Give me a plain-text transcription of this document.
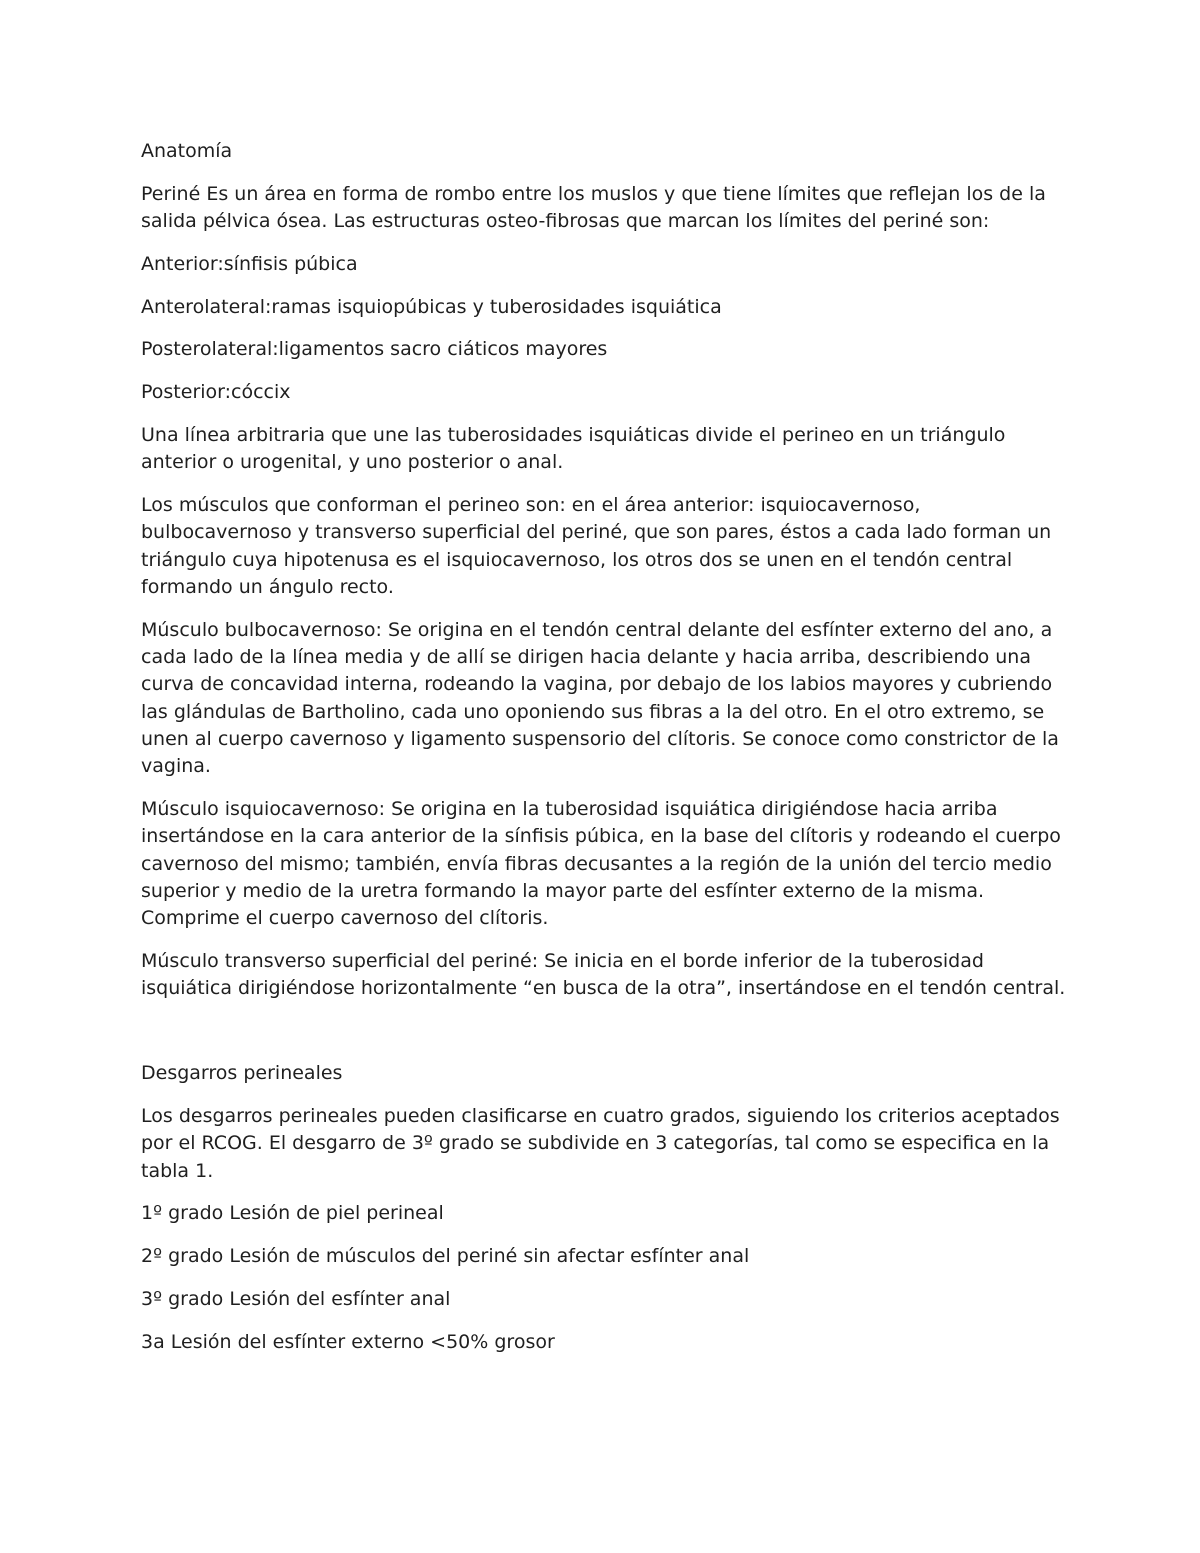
Anatomía

Periné Es un área en forma de rombo entre los muslos y que tiene límites que reflejan los de la salida pélvica ósea. Las estructuras osteo-fibrosas que marcan los límites del periné son:

Anterior:sínfisis púbica

Anterolateral:ramas isquiopúbicas y tuberosidades isquiática

Posterolateral:ligamentos sacro ciáticos mayores

Posterior:cóccix

Una línea arbitraria que une las tuberosidades isquiáticas divide el perineo en un triángulo anterior o urogenital, y uno posterior o anal.

Los músculos que conforman el perineo son: en el área anterior: isquiocavernoso, bulbocavernoso y transverso superficial del periné, que son pares, éstos a cada lado forman un triángulo cuya hipotenusa es el isquiocavernoso, los otros dos se unen en el tendón central formando un ángulo recto.

Músculo bulbocavernoso: Se origina en el tendón central delante del esfínter externo del ano, a cada lado de la línea media y de allí se dirigen hacia delante y hacia arriba, describiendo una curva de concavidad interna, rodeando la vagina, por debajo de los labios mayores y cubriendo las glándulas de Bartholino, cada uno oponiendo sus fibras a la del otro. En el otro extremo, se unen al cuerpo cavernoso y ligamento suspensorio del clítoris. Se conoce como constrictor de la vagina.

Músculo isquiocavernoso: Se origina en la tuberosidad isquiática dirigiéndose hacia arriba insertándose en la cara anterior de la sínfisis púbica, en la base del clítoris y rodeando el cuerpo cavernoso del mismo; también, envía fibras decusantes a la región de la unión del tercio medio superior y medio de la uretra formando la mayor parte del esfínter externo de la misma. Comprime el cuerpo cavernoso del clítoris.

Músculo transverso superficial del periné: Se inicia en el borde inferior de la tuberosidad isquiática dirigiéndose horizontalmente “en busca de la otra”, insertándose en el tendón central.

Desgarros perineales

Los desgarros perineales pueden clasificarse en cuatro grados, siguiendo los criterios aceptados por el RCOG. El desgarro de 3º grado se subdivide en 3 categorías, tal como se especifica en la tabla 1.

1º grado Lesión de piel perineal

2º grado Lesión de músculos del periné sin afectar esfínter anal

3º grado Lesión del esfínter anal

3a Lesión del esfínter externo <50% grosor
